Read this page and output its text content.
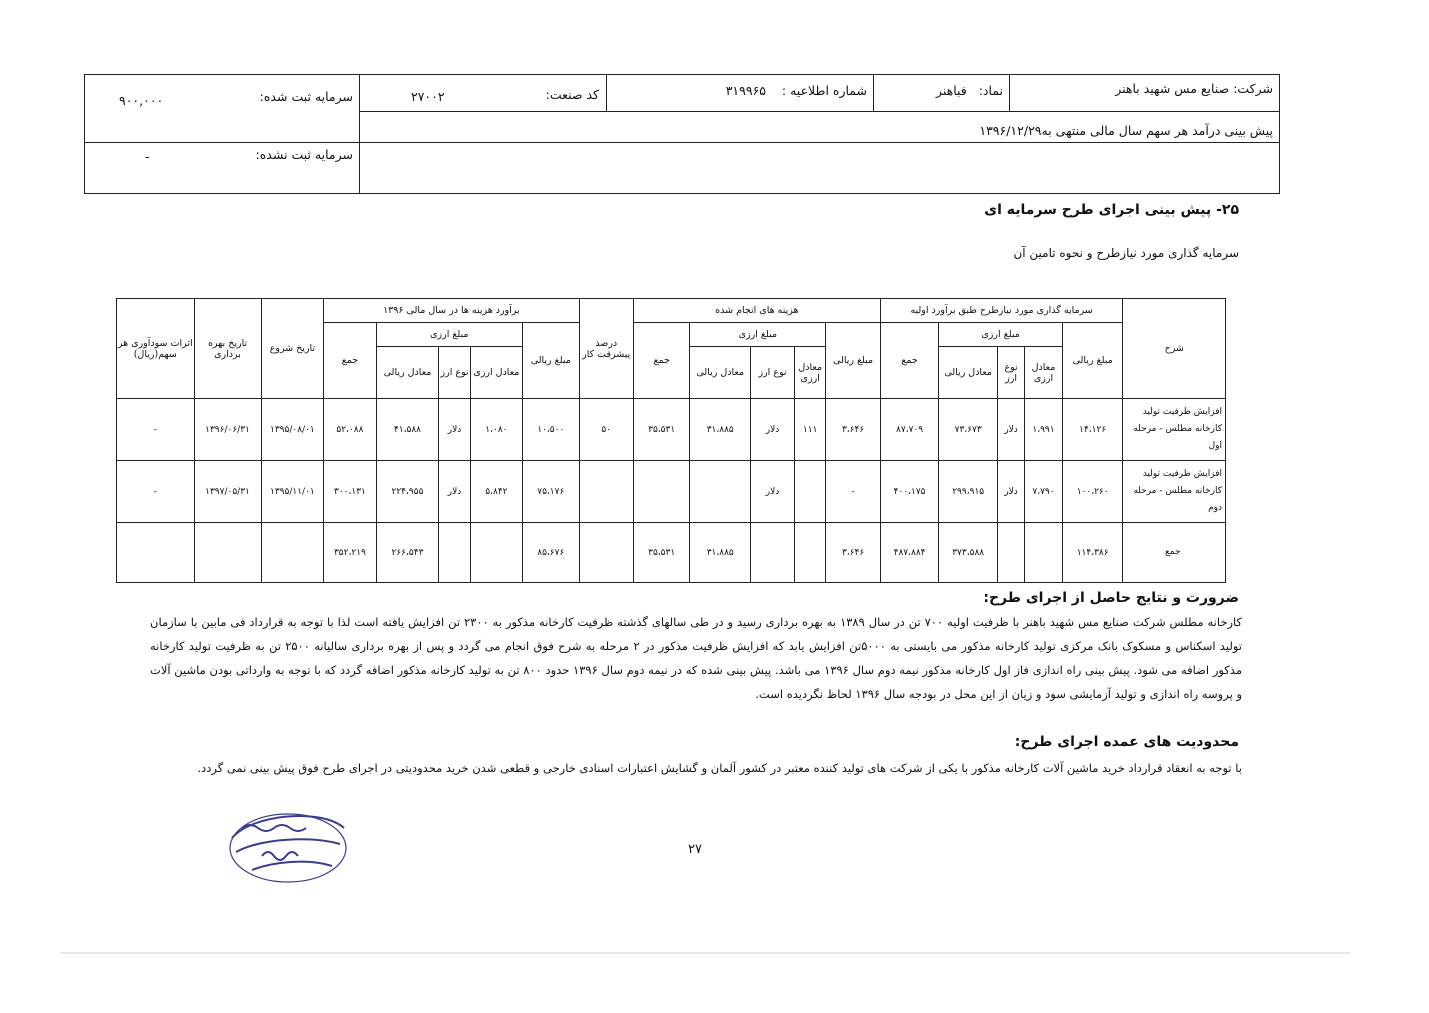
شرکت: صنایع مس شهید باهنر
نماد:   فباهنر
شماره اطلاعیه :    ۳۱۹۹۶۵
کد صنعت:
۲۷۰۰۲
سرمایه ثبت شده:
۹۰۰,۰۰۰
پیش بینی درآمد هر سهم سال مالی منتهی به۱۳۹۶/۱۲/۲۹
سرمایه ثبت نشده:
-
۲۵- پیش بینی اجرای طرح سرمایه ای
سرمایه گذاری مورد نیازطرح و نحوه تامین آن
شرح	سرمایه گذاری مورد نیازطرح طبق برآورد اولیه					هزینه های انجام شده					درصد پیشرفت کار	برآورد هزینه ها در سال مالی ۱۳۹۶					تاریخ شروع	تاریخ بهره برداری	اثرات سودآوری هر سهم(ریال)
	مبلغ ریالی	مبلغ ارزی			جمع	مبلغ ریالی	مبلغ ارزی			جمع		مبلغ ریالی	مبلغ ارزی			جمع			
		معادل ارزی	نوع ارز	معادل ریالی			معادل ارزی	نوع ارز	معادل ریالی				معادل ارزی	نوع ارز	معادل ریالی				

افزایش ظرفیت تولید
کارخانه مطلس - مرحله اول	۱۴،۱۲۶	۱،۹۹۱	دلار	۷۳،۶۷۳	۸۷،۷۰۹	۳،۶۴۶	۱۱۱	دلار	۳۱،۸۸۵	۳۵،۵۳۱	۵۰	۱۰،۵۰۰	۱،۰۸۰	دلار	۴۱،۵۸۸	۵۲،۰۸۸	۱۳۹۵/۰۸/۰۱	۱۳۹۶/۰۶/۳۱	-

افزایش ظرفیت تولید
کارخانه مطلس - مرحله دوم	۱۰۰،۲۶۰	۷،۷۹۰	دلار	۲۹۹،۹۱۵	۴۰۰،۱۷۵	-		دلار				۷۵،۱۷۶	۵،۸۴۲	دلار	۲۲۴،۹۵۵	۳۰۰،۱۳۱	۱۳۹۵/۱۱/۰۱	۱۳۹۷/۰۵/۳۱	-

جمع	۱۱۴،۳۸۶			۳۷۳،۵۸۸	۴۸۷،۸۸۴	۳،۶۴۶			۳۱،۸۸۵	۳۵،۵۳۱		۸۵،۶۷۶			۲۶۶،۵۴۳	۳۵۲،۲۱۹			
ضرورت و نتایج حاصل از اجرای طرح:
کارخانه مطلس شرکت صنایع مس شهید باهنر با ظرفیت اولیه ۷۰۰ تن در سال ۱۳۸۹ به بهره برداری رسید و در طی سالهای گذشته ظرفیت کارخانه مذکور به ۲۳۰۰ تن افزایش یافته است لذا با توجه به قرارداد فی مابین با سازمان تولید اسکناس و مسکوک بانک مرکزی تولید کارخانه مذکور می بایستی به ۵۰۰۰تن افزایش یابد که افزایش ظرفیت مذکور در ۲ مرحله به شرح فوق انجام می گردد و پس از بهره برداری سالیانه ۲۵۰۰ تن به ظرفیت تولید کارخانه مذکور اضافه می شود. پیش بینی راه اندازی فاز اول کارخانه مذکور نیمه دوم سال ۱۳۹۶ می باشد. پیش بینی شده که در نیمه دوم سال ۱۳۹۶ حدود ۸۰۰ تن به تولید کارخانه مذکور اضافه گردد که با توجه به وارداتی بودن ماشین آلات و پروسه راه اندازی و تولید آزمایشی سود و زیان از این محل در بودجه سال ۱۳۹۶ لحاظ نگردیده است.
محدودیت های عمده اجرای طرح:
با توجه به انعقاد قرارداد خرید ماشین آلات کارخانه مذکور با یکی از شرکت های تولید کننده معتبر در کشور آلمان و گشایش اعتبارات اسنادی خارجی و قطعی شدن خرید محدودیتی در اجرای طرح فوق پیش بینی نمی گردد.
۲۷
